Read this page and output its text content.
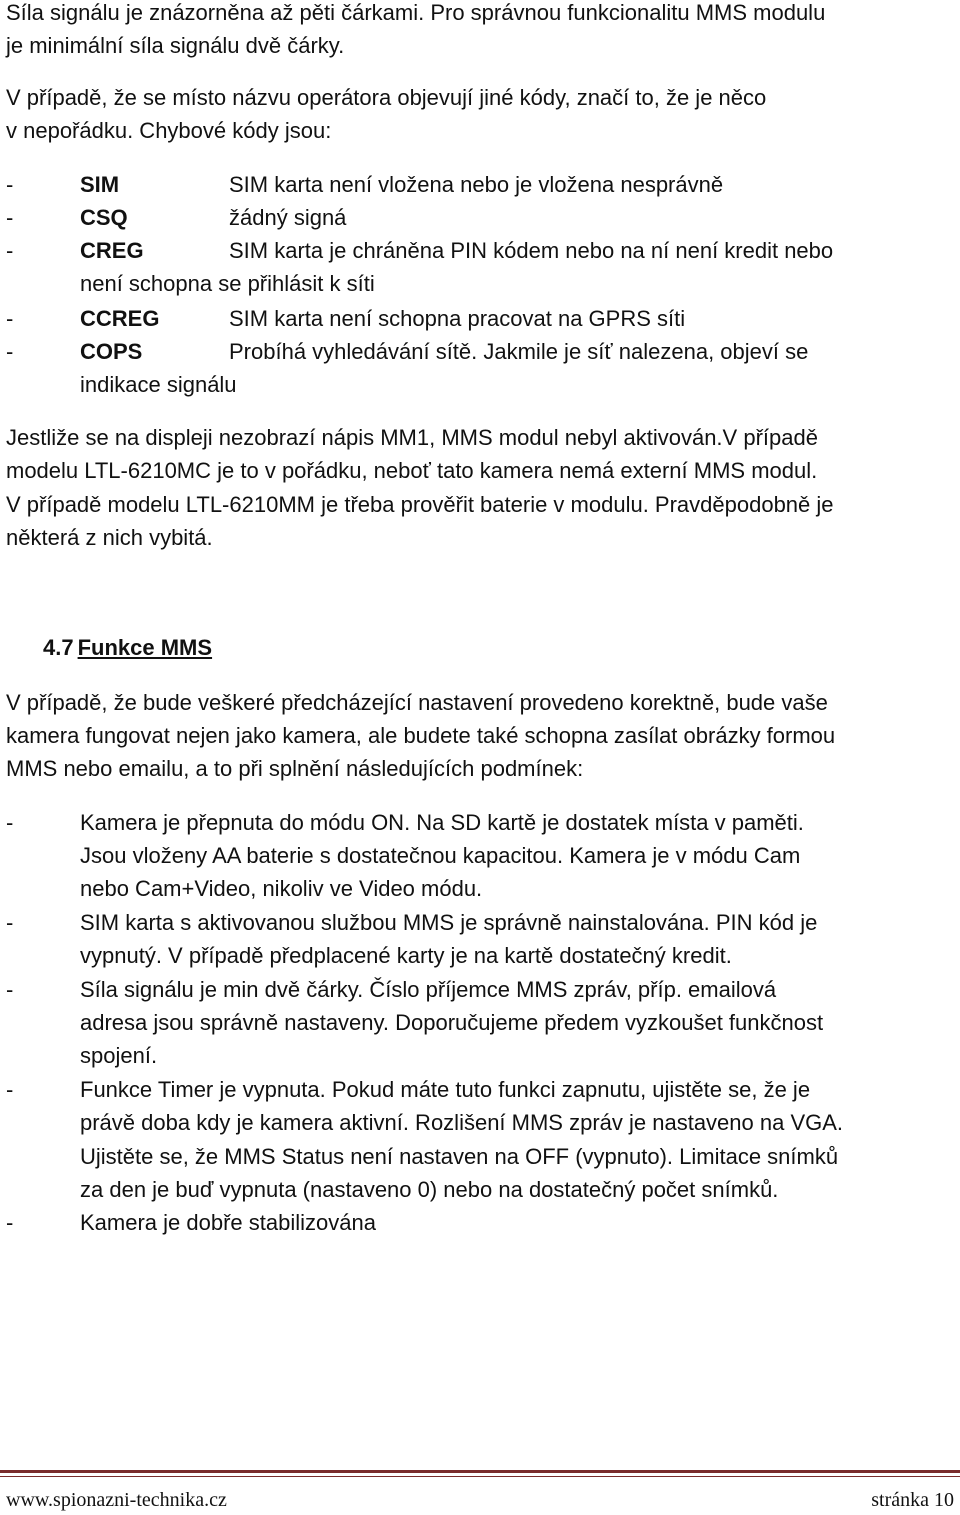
Síla signálu je znázorněna až pěti čárkami. Pro správnou funkcionalitu MMS modulu

je minimální síla signálu dvě čárky.

V případě, že se místo názvu operátora objevují jiné kódy, značí to, že je něco

v nepořádku. Chybové kódy jsou:

-	SIM	SIM karta není vložena nebo je vložena nesprávně
-	CSQ	žádný signá
-	CREG	SIM karta je chráněna PIN kódem nebo na ní není kredit nebo
není schopna se přihlásit k síti
-	CCREG	SIM karta není schopna pracovat na GPRS síti
-	COPS	Probíhá vyhledávání sítě. Jakmile je síť nalezena, objeví se
indikace signálu

Jestliže se na displeji nezobrazí nápis MM1, MMS modul nebyl aktivován.V případě

modelu LTL-6210MC je to v pořádku, neboť tato kamera nemá externí MMS modul.

V případě modelu LTL-6210MM je třeba prověřit baterie v modulu. Pravděpodobně je

některá z nich vybitá.

4.7 Funkce MMS

V případě, že bude veškeré předcházející nastavení provedeno korektně, bude vaše

kamera fungovat nejen jako kamera, ale budete také schopna zasílat obrázky formou

MMS nebo emailu, a to při splnění následujících podmínek:

-	Kamera je přepnuta do módu ON. Na SD kartě je dostatek místa v paměti.
Jsou vloženy AA baterie s dostatečnou kapacitou. Kamera je v módu Cam
nebo Cam+Video, nikoliv ve Video módu.
-	SIM karta s aktivovanou službou MMS je správně nainstalována. PIN kód je
vypnutý. V případě předplacené karty je na kartě dostatečný kredit.
-	Síla signálu je min dvě čárky. Číslo příjemce MMS zpráv, příp. emailová
adresa jsou správně nastaveny. Doporučujeme předem vyzkoušet funkčnost
spojení.
-	Funkce Timer je vypnuta. Pokud máte tuto funkci zapnutu, ujistěte se, že je
právě doba kdy je kamera aktivní. Rozlišení MMS zpráv je nastaveno na VGA.
Ujistěte se, že MMS Status není nastaven na OFF (vypnuto). Limitace snímků
za den je buď vypnuta (nastaveno 0) nebo na dostatečný počet snímků.
-	Kamera je dobře stabilizována
www.spionazni-technika.cz	stránka 10
